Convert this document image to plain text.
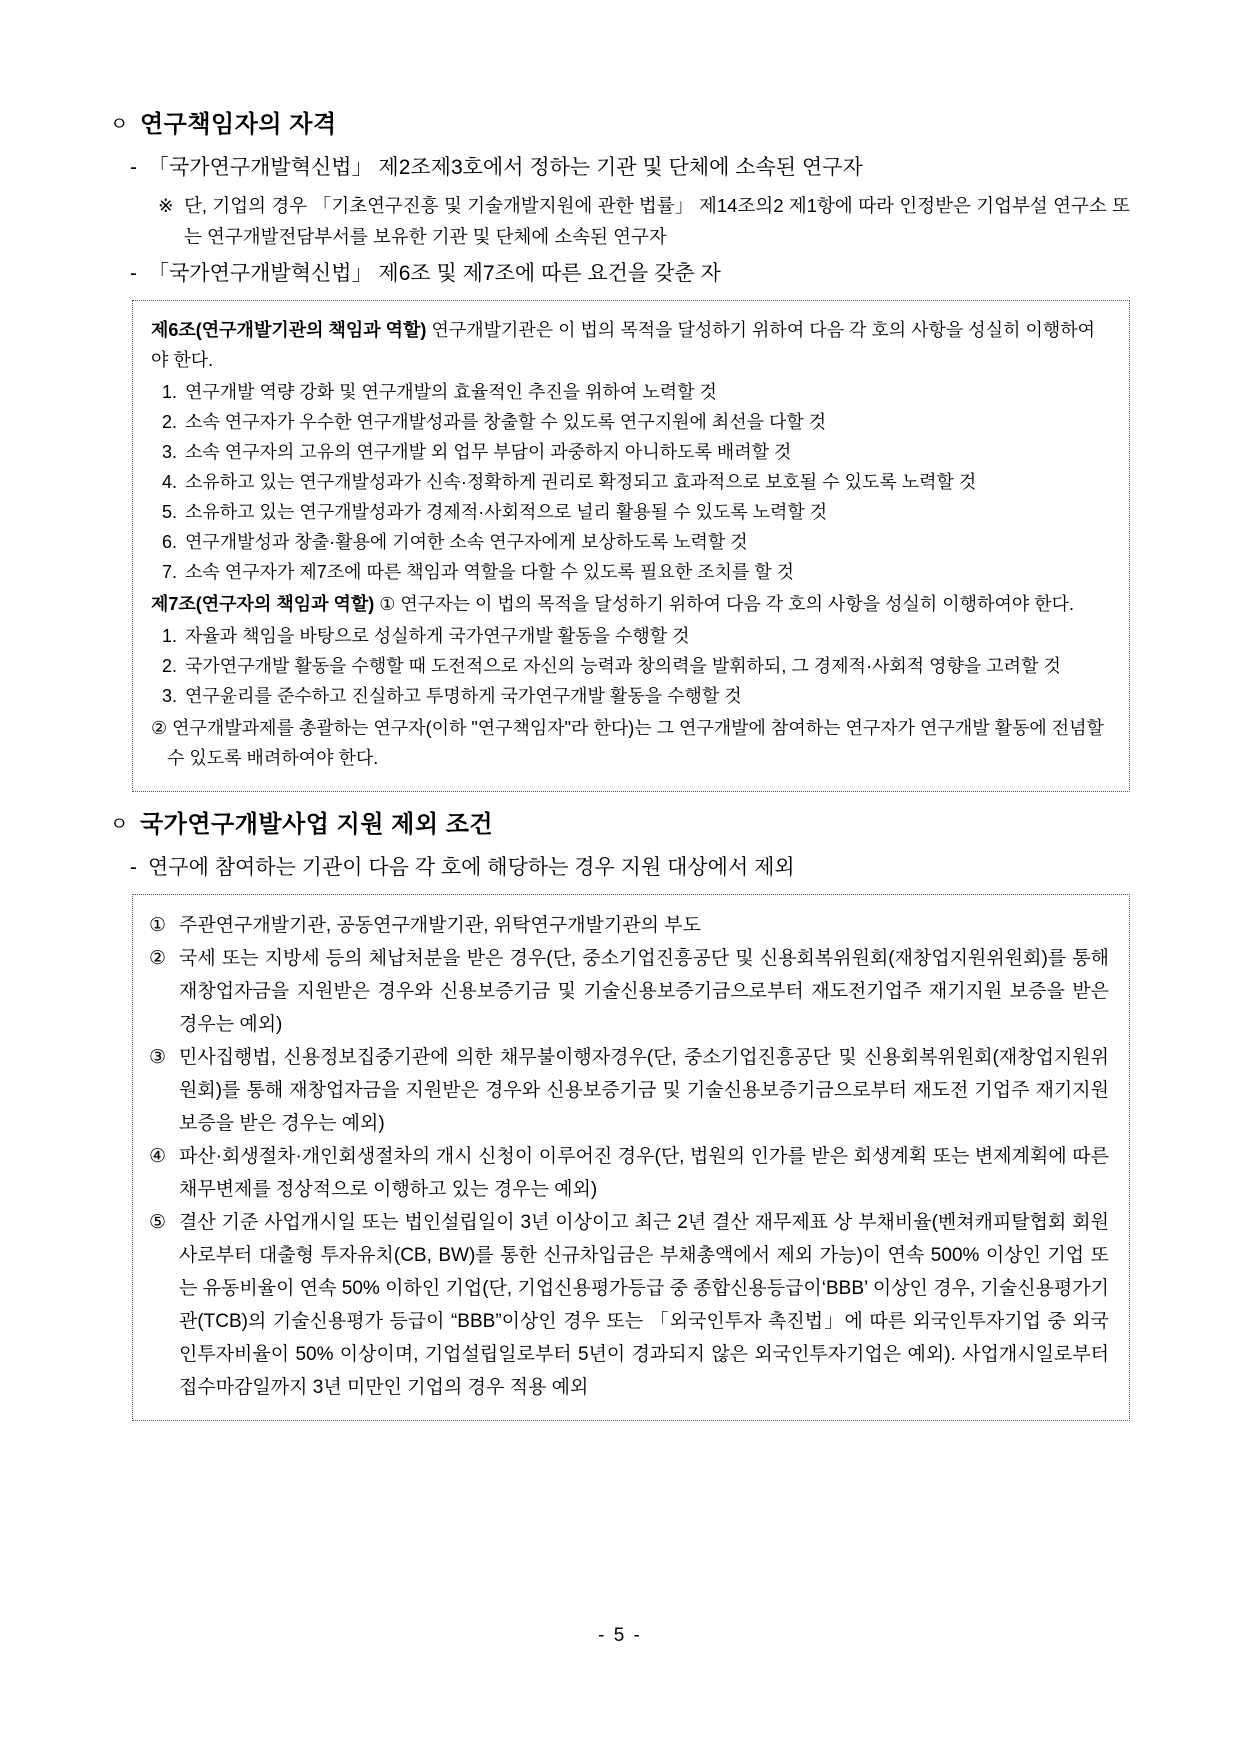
ㅇ 연구책임자의 자격
- 「국가연구개발혁신법」 제2조제3호에서 정하는 기관 및 단체에 소속된 연구자
※ 단, 기업의 경우 「기초연구진흥 및 기술개발지원에 관한 법률」 제14조의2 제1항에 따라 인정받은 기업부설 연구소 또는 연구개발전담부서를 보유한 기관 및 단체에 소속된 연구자
- 「국가연구개발혁신법」 제6조 및 제7조에 따른 요건을 갖춘 자

제6조(연구개발기관의 책임과 역할) 연구개발기관은 이 법의 목적을 달성하기 위하여 다음 각 호의 사항을 성실히 이행하여야 한다.

1. 연구개발 역량 강화 및 연구개발의 효율적인 추진을 위하여 노력할 것
2. 소속 연구자가 우수한 연구개발성과를 창출할 수 있도록 연구지원에 최선을 다할 것
3. 소속 연구자의 고유의 연구개발 외 업무 부담이 과중하지 아니하도록 배려할 것
4. 소유하고 있는 연구개발성과가 신속·정확하게 권리로 확정되고 효과적으로 보호될 수 있도록 노력할 것
5. 소유하고 있는 연구개발성과가 경제적·사회적으로 널리 활용될 수 있도록 노력할 것
6. 연구개발성과 창출·활용에 기여한 소속 연구자에게 보상하도록 노력할 것
7. 소속 연구자가 제7조에 따른 책임과 역할을 다할 수 있도록 필요한 조치를 할 것

제7조(연구자의 책임과 역할) ① 연구자는 이 법의 목적을 달성하기 위하여 다음 각 호의 사항을 성실히 이행하여야 한다.

1. 자율과 책임을 바탕으로 성실하게 국가연구개발 활동을 수행할 것
2. 국가연구개발 활동을 수행할 때 도전적으로 자신의 능력과 창의력을 발휘하되, 그 경제적·사회적 영향을 고려할 것
3. 연구윤리를 준수하고 진실하고 투명하게 국가연구개발 활동을 수행할 것

② 연구개발과제를 총괄하는 연구자(이하 "연구책임자"라 한다)는 그 연구개발에 참여하는 연구자가 연구개발 활동에 전념할 수 있도록 배려하여야 한다.

ㅇ 국가연구개발사업 지원 제외 조건
- 연구에 참여하는 기관이 다음 각 호에 해당하는 경우 지원 대상에서 제외
① 주관연구개발기관, 공동연구개발기관, 위탁연구개발기관의 부도
② 국세 또는 지방세 등의 체납처분을 받은 경우(단, 중소기업진흥공단 및 신용회복위원회(재창업지원위원회)를 통해 재창업자금을 지원받은 경우와 신용보증기금 및 기술신용보증기금으로부터 재도전기업주 재기지원 보증을 받은 경우는 예외)
③ 민사집행법, 신용정보집중기관에 의한 채무불이행자경우(단, 중소기업진흥공단 및 신용회복위원회(재창업지원위원회)를 통해 재창업자금을 지원받은 경우와 신용보증기금 및 기술신용보증기금으로부터 재도전 기업주 재기지원보증을 받은 경우는 예외)
④ 파산·회생절차·개인회생절차의 개시 신청이 이루어진 경우(단, 법원의 인가를 받은 회생계획 또는 변제계획에 따른 채무변제를 정상적으로 이행하고 있는 경우는 예외)
⑤ 결산 기준 사업개시일 또는 법인설립일이 3년 이상이고 최근 2년 결산 재무제표 상 부채비율(벤쳐캐피탈협회 회원사로부터 대출형 투자유치(CB, BW)를 통한 신규차입금은 부채총액에서 제외 가능)이 연속 500% 이상인 기업 또는 유동비율이 연속 50% 이하인 기업(단, 기업신용평가등급 중 종합신용등급이‘BBB’ 이상인 경우, 기술신용평가기관(TCB)의 기술신용평가 등급이 “BBB”이상인 경우 또는 「외국인투자 촉진법」에 따른 외국인투자기업 중 외국인투자비율이 50% 이상이며, 기업설립일로부터 5년이 경과되지 않은 외국인투자기업은 예외). 사업개시일로부터 접수마감일까지 3년 미만인 기업의 경우 적용 예외
- 5 -
